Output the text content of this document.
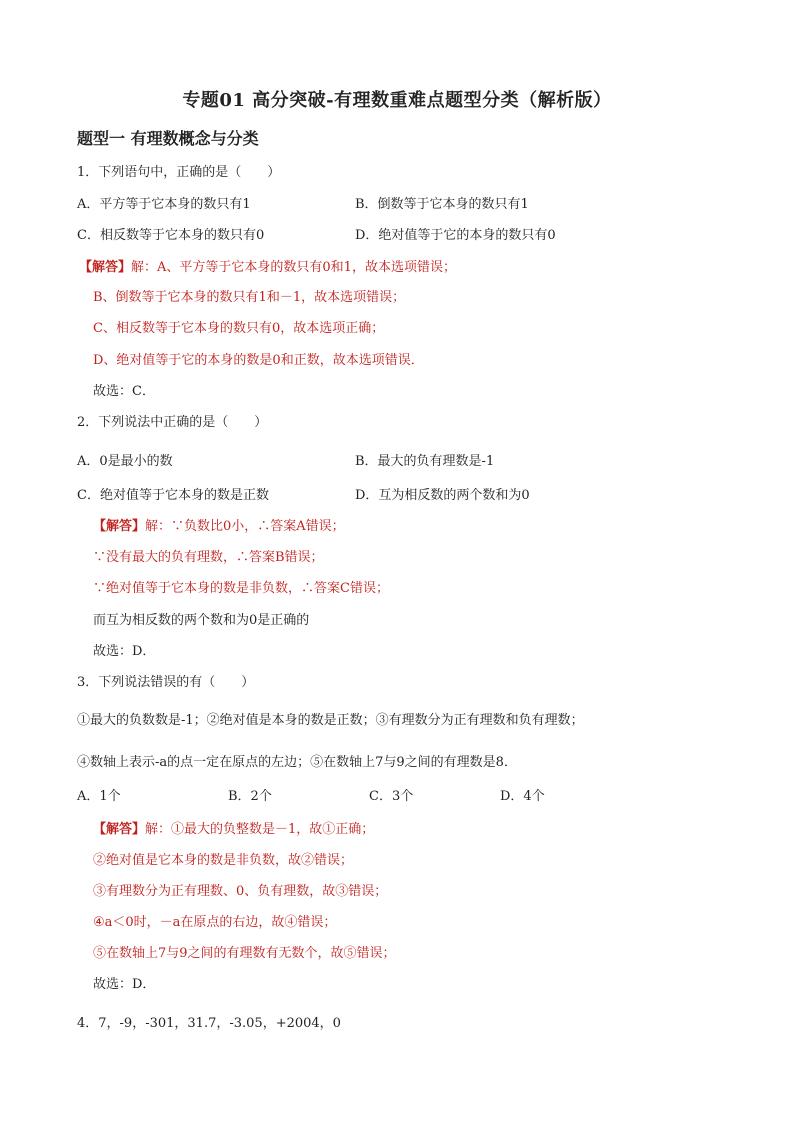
专题01 高分突破-有理数重难点题型分类（解析版）
题型一 有理数概念与分类
1．下列语句中，正确的是（　　）
A．平方等于它本身的数只有1	B．倒数等于它本身的数只有1
C．相反数等于它本身的数只有0	D．绝对值等于它的本身的数只有0
【解答】解：A、平方等于它本身的数只有0和1，故本选项错误；
B、倒数等于它本身的数只有1和－1，故本选项错误；
C、相反数等于它本身的数只有0，故本选项正确；
D、绝对值等于它的本身的数是0和正数，故本选项错误．
故选：C．
2．下列说法中正确的是（　　）
A．0是最小的数	B．最大的负有理数是-1
C．绝对值等于它本身的数是正数	D．互为相反数的两个数和为0
【解答】解：∵负数比0小，∴答案A错误；
∵没有最大的负有理数，∴答案B错误；
∵绝对值等于它本身的数是非负数，∴答案C错误；
而互为相反数的两个数和为0是正确的
故选：D．
3．下列说法错误的有（　　）
①最大的负数数是-1；②绝对值是本身的数是正数；③有理数分为正有理数和负有理数；
④数轴上表示-a的点一定在原点的左边；⑤在数轴上7与9之间的有理数是8．
A．1个	B．2个	C．3个	D．4个
【解答】解：①最大的负整数是－1，故①正确；
②绝对值是它本身的数是非负数，故②错误；
③有理数分为正有理数、0、负有理数，故③错误；
④a＜0时，－a在原点的右边，故④错误；
⑤在数轴上7与9之间的有理数有无数个，故⑤错误；
故选：D．
4．7，-9，-301，31.7，-3.05，+2004，0
